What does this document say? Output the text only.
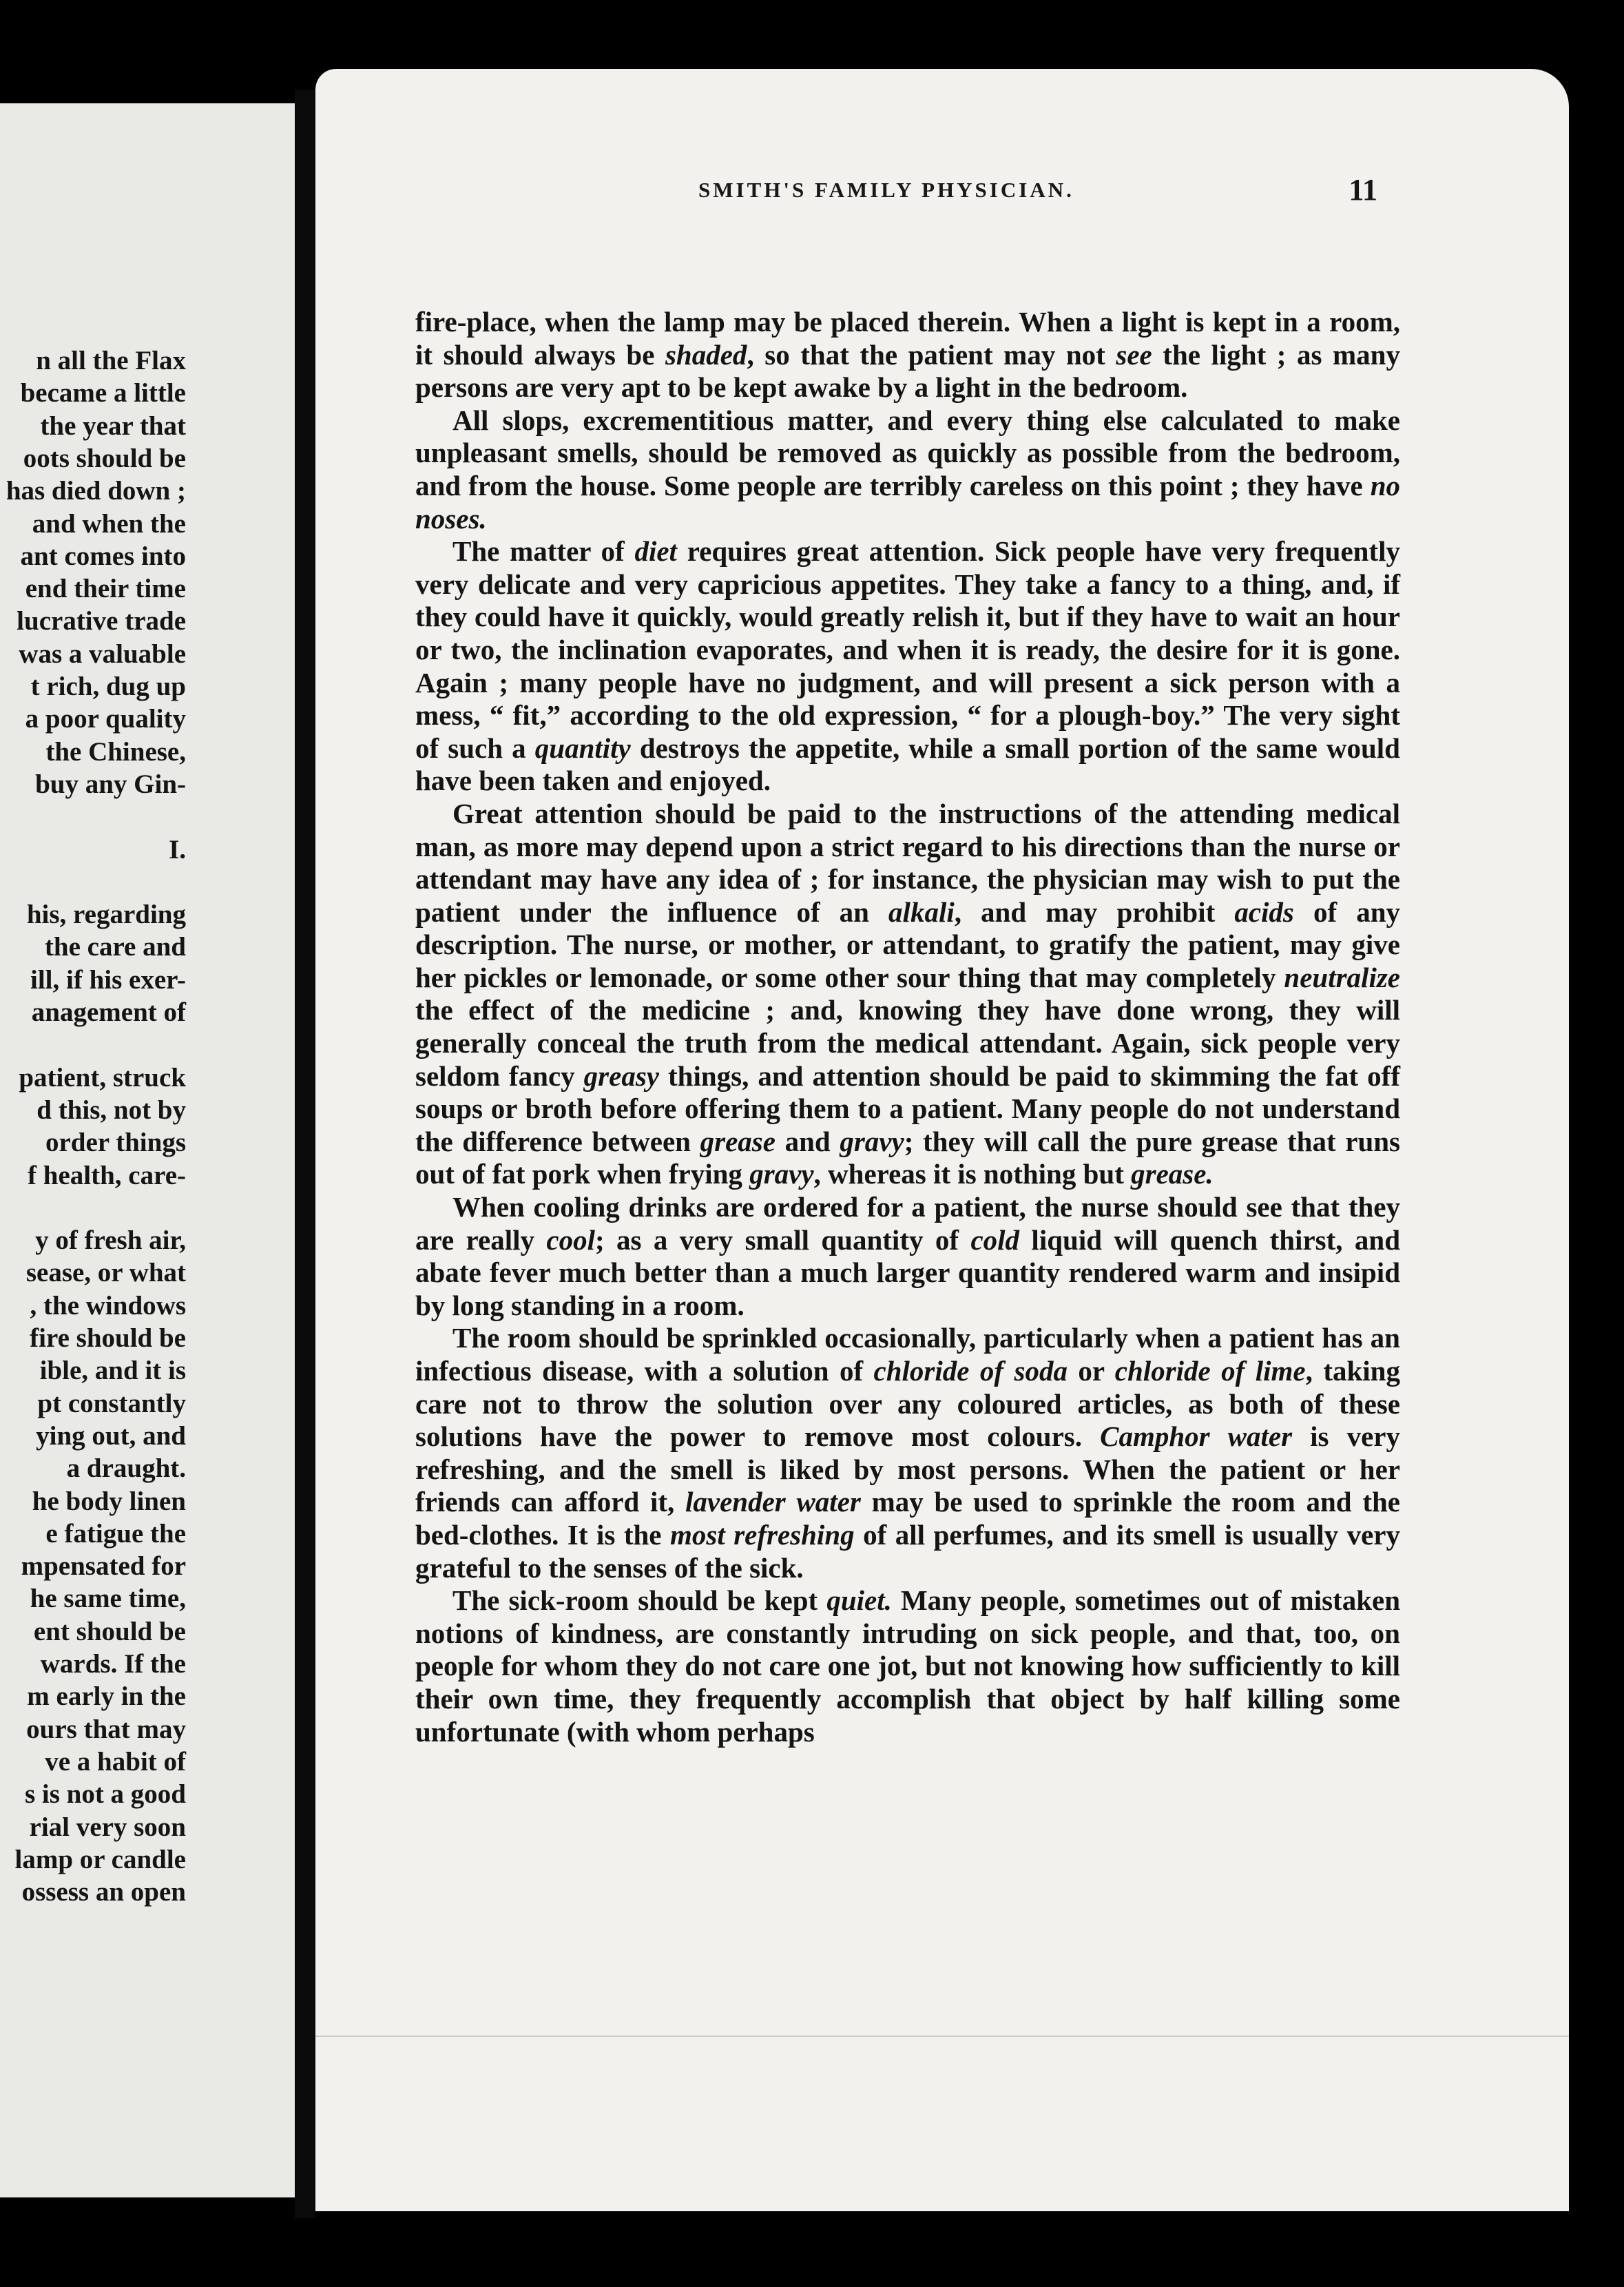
n all the Flax
became a little
the year that
oots should be
has died down ;
and when the
ant comes into
end their time
lucrative trade
was a valuable
t rich, dug up
a poor quality
the Chinese,
buy any Gin-
I.
his, regarding
the care and
ill, if his exer-
anagement of
patient, struck
d this, not by
order things
f health, care-
y of fresh air,
sease, or what
, the windows
fire should be
ible, and it is
pt constantly
ying out, and
a draught.
he body linen
e fatigue the
mpensated for
he same time,
ent should be
wards. If the
m early in the
ours that may
ve a habit of
s is not a good
rial very soon
lamp or candle
ossess an open
SMITH'S FAMILY PHYSICIAN.	11

fire-place, when the lamp may be placed therein. When a light is kept in a room, it should always be shaded, so that the patient may not see the light ; as many persons are very apt to be kept awake by a light in the bedroom.

All slops, excrementitious matter, and every thing else calculated to make unpleasant smells, should be removed as quickly as possible from the bedroom, and from the house. Some people are terribly careless on this point ; they have no noses.

The matter of diet requires great attention. Sick people have very frequently very delicate and very capricious appetites. They take a fancy to a thing, and, if they could have it quickly, would greatly relish it, but if they have to wait an hour or two, the inclination evaporates, and when it is ready, the desire for it is gone. Again ; many people have no judgment, and will present a sick person with a mess, “ fit,” according to the old expression, “ for a plough-boy.” The very sight of such a quantity destroys the appetite, while a small portion of the same would have been taken and enjoyed.

Great attention should be paid to the instructions of the attending medical man, as more may depend upon a strict regard to his directions than the nurse or attendant may have any idea of ; for instance, the physician may wish to put the patient under the influence of an alkali, and may prohibit acids of any description. The nurse, or mother, or attendant, to gratify the patient, may give her pickles or lemonade, or some other sour thing that may completely neutralize the effect of the medicine ; and, knowing they have done wrong, they will generally conceal the truth from the medical attendant. Again, sick people very seldom fancy greasy things, and attention should be paid to skimming the fat off soups or broth before offering them to a patient. Many people do not understand the difference between grease and gravy; they will call the pure grease that runs out of fat pork when frying gravy, whereas it is nothing but grease.

When cooling drinks are ordered for a patient, the nurse should see that they are really cool; as a very small quantity of cold liquid will quench thirst, and abate fever much better than a much larger quantity rendered warm and insipid by long standing in a room.

The room should be sprinkled occasionally, particularly when a patient has an infectious disease, with a solution of chloride of soda or chloride of lime, taking care not to throw the solution over any coloured articles, as both of these solutions have the power to remove most colours. Camphor water is very refreshing, and the smell is liked by most persons. When the patient or her friends can afford it, lavender water may be used to sprinkle the room and the bed-clothes. It is the most refreshing of all perfumes, and its smell is usually very grateful to the senses of the sick.

The sick-room should be kept quiet. Many people, sometimes out of mistaken notions of kindness, are constantly intruding on sick people, and that, too, on people for whom they do not care one jot, but not knowing how sufficiently to kill their own time, they frequently accomplish that object by half killing some unfortunate (with whom perhaps
